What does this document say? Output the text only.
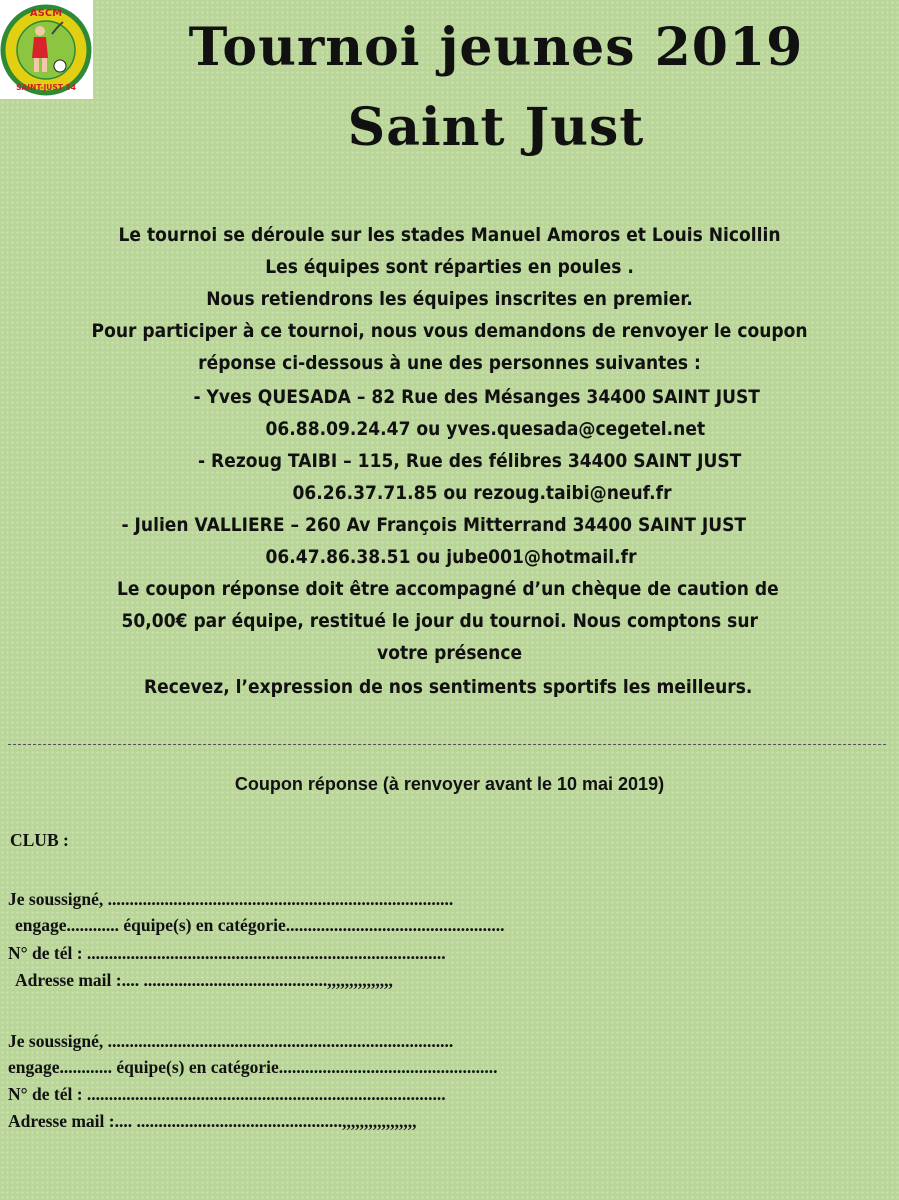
ASCM
SAINT-JUST 34
Tournoi jeunes 2019
Saint Just
Le tournoi se déroule sur les stades Manuel Amoros et Louis Nicollin
Les équipes sont réparties en poules .
Nous retiendrons les équipes inscrites en premier.
Pour participer à ce tournoi, nous vous demandons de renvoyer le coupon
réponse ci-dessous à une des personnes suivantes :
- Yves QUESADA – 82 Rue des Mésanges 34400 SAINT JUST
06.88.09.24.47 ou yves.quesada@cegetel.net
- Rezoug TAIBI – 115, Rue des félibres 34400 SAINT JUST
06.26.37.71.85 ou rezoug.taibi@neuf.fr
- Julien VALLIERE – 260 Av François Mitterrand 34400 SAINT JUST
06.47.86.38.51 ou jube001@hotmail.fr
Le coupon réponse doit être accompagné d’un chèque de caution de
50,00€ par équipe, restitué le jour du tournoi. Nous comptons sur
votre présence
Recevez, l’expression de nos sentiments sportifs les meilleurs.
Coupon réponse (à renvoyer avant le 10 mai 2019)
CLUB :
Je soussigné, ...............................................................................
engage............ équipe(s) en catégorie..................................................
N° de tél : ..................................................................................
Adresse mail :.... ..........................................,,,,,,,,,,,,,,,
Je soussigné, ...............................................................................
engage............ équipe(s) en catégorie..................................................
N° de tél : ..................................................................................
Adresse mail :.... ...............................................,,,,,,,,,,,,,,,,,
